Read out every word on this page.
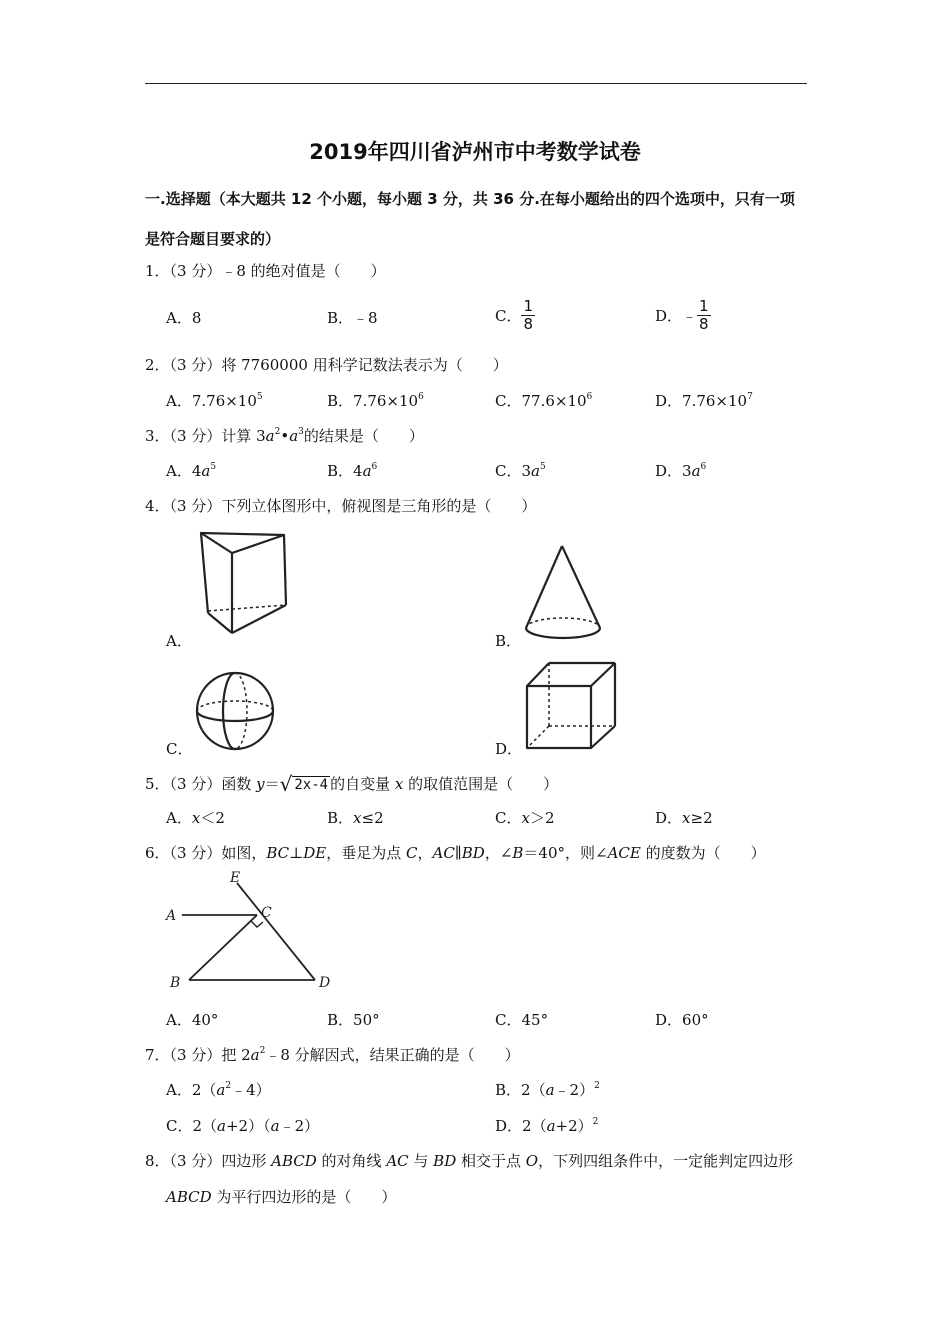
2019年四川省泸州市中考数学试卷
一.选择题（本大题共 12 个小题，每小题 3 分，共 36 分.在每小题给出的四个选项中，只有一项
是符合题目要求的）
1．（3 分）﹣8 的绝对值是（　　）
A．8	B．﹣8	C． $\frac{1}{8}$	D．﹣ $\frac{1}{8}$
2．（3 分）将 7760000 用科学记数法表示为（　　）
A．$7.76\times 10^5$	B．$7.76\times 10^6$	C．$77.6\times 10^6$	D．$7.76\times 10^7$
3．（3 分）计算 $3a^2•a^3$的结果是（　　）
A．$4a^5$	B．$4a^6$	C．$3a^5$	D．$3a^6$
4．（3 分）下列立体图形中，俯视图是三角形的是（　　）
A．	B．
C．	D．
5．（3 分）函数 y＝√ 2x-4 的自变量 x 的取值范围是（　　）
A．x＜2	B．x≤2	C．x＞2	D．x≥2
6．（3 分）如图，BC⊥DE，垂足为点 C，AC∥BD，∠B＝40°，则∠ACE 的度数为（　　）
E
A	C
B	D
A．40°	B．50°	C．45°	D．60°
7．（3 分）把 $2a^2﹣8$ 分解因式，结果正确的是（　　）
A．$2(a^2﹣4)$	B．2（a﹣2）$^2$
C．2（a+2）（a﹣2）	D．$2(a+2)^2$
8．（3 分）四边形 ABCD 的对角线 AC 与 BD 相交于点 O，下列四组条件中，一定能判定四边形
ABCD 为平行四边形的是（　　）
